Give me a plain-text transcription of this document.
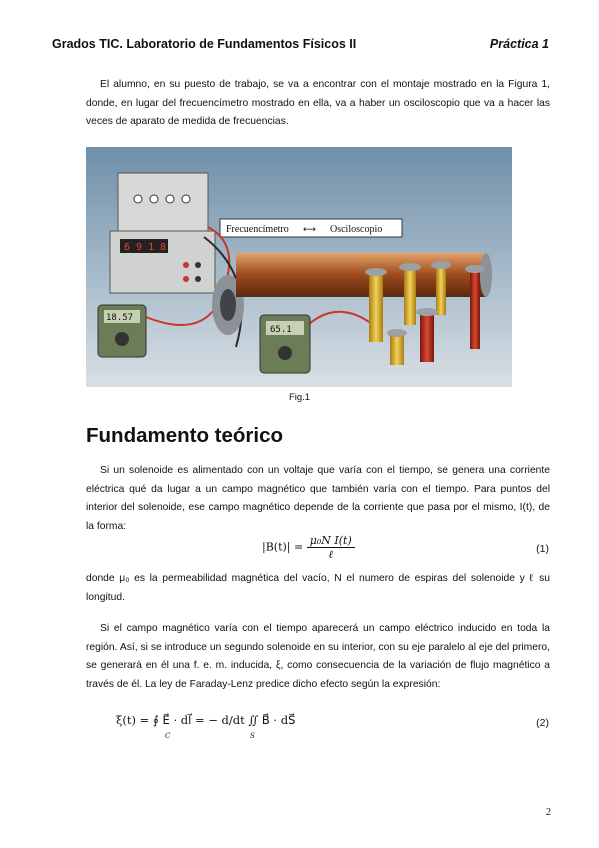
Grados TIC. Laboratorio de Fundamentos Físicos II	Práctica 1
El alumno, en su puesto de trabajo, se va a encontrar con el montaje mostrado en la Figura 1, donde, en lugar del frecuencímetro mostrado en ella, va a haber un osciloscopio que va a hacer las veces de aparato de medida de frecuencias.
6 9 1 8
Frecuencímetro ⟷ Osciloscopio
18.57
65.1
Fig.1
Fundamento teórico
Si un solenoide es alimentado con un voltaje que varía con el tiempo, se genera una corriente eléctrica qué da lugar a un campo magnético que también varía con el tiempo. Para puntos del interior del solenoide, ese campo magnético depende de la corriente que pasa por el mismo, I(t), de la forma:
$|B(t)| = \frac{\text{μ₀N I(t)}}{\text{ℓ}}$	(1)
donde μ₀ es la permeabilidad magnética del vacío, N el numero de espiras del solenoide y ℓ su longitud.
Si el campo magnético varía con el tiempo aparecerá un campo eléctrico inducido en toda la región. Así, si se introduce un segundo solenoide en su interior, con su eje paralelo al eje del primero, se generará en él una f. e. m. inducida, ξ, como consecuencia de la variación de flujo magnético a través de él. La ley de Faraday-Lenz predice dicho efecto según la expresión:
ξ(t) = ∮ E⃗ · dl⃗ = − d/dt ∬ B⃗ · dS⃗
C	S
(2)
2
